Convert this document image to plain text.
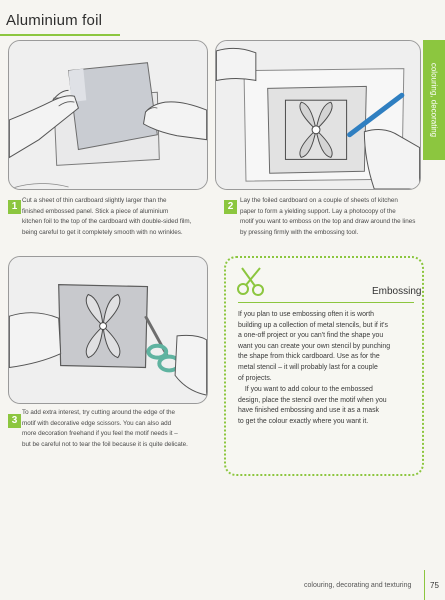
Aluminium foil
colouring, decorating
1
Cut a sheet of thin cardboard slightly larger than the
finished embossed panel. Stick a piece of aluminium
kitchen foil to the top of the cardboard with double-sided film,
being careful to get it completely smooth with no wrinkles.
2
Lay the foiled cardboard on a couple of sheets of kitchen
paper to form a yielding support. Lay a photocopy of the
motif you want to emboss on the top and draw around the lines
by pressing firmly with the embossing tool.
3
To add extra interest, try cutting around the edge of the
motif with decorative edge scissors. You can also add
more decoration freehand if you feel the motif needs it –
but be careful not to tear the foil because it is quite delicate.
Embossing

If you plan to use embossing often it is worth
building up a collection of metal stencils, but if it's
a one-off project or you can't find the shape you
want you can create your own stencil by punching
the shape from thick cardboard. Use as for the
metal stencil – it will probably last for a couple
of projects.

 If you want to add colour to the embossed
design, place the stencil over the motif when you
have finished embossing and use it as a mask
to get the colour exactly where you want it.

colouring, decorating and texturing 75
